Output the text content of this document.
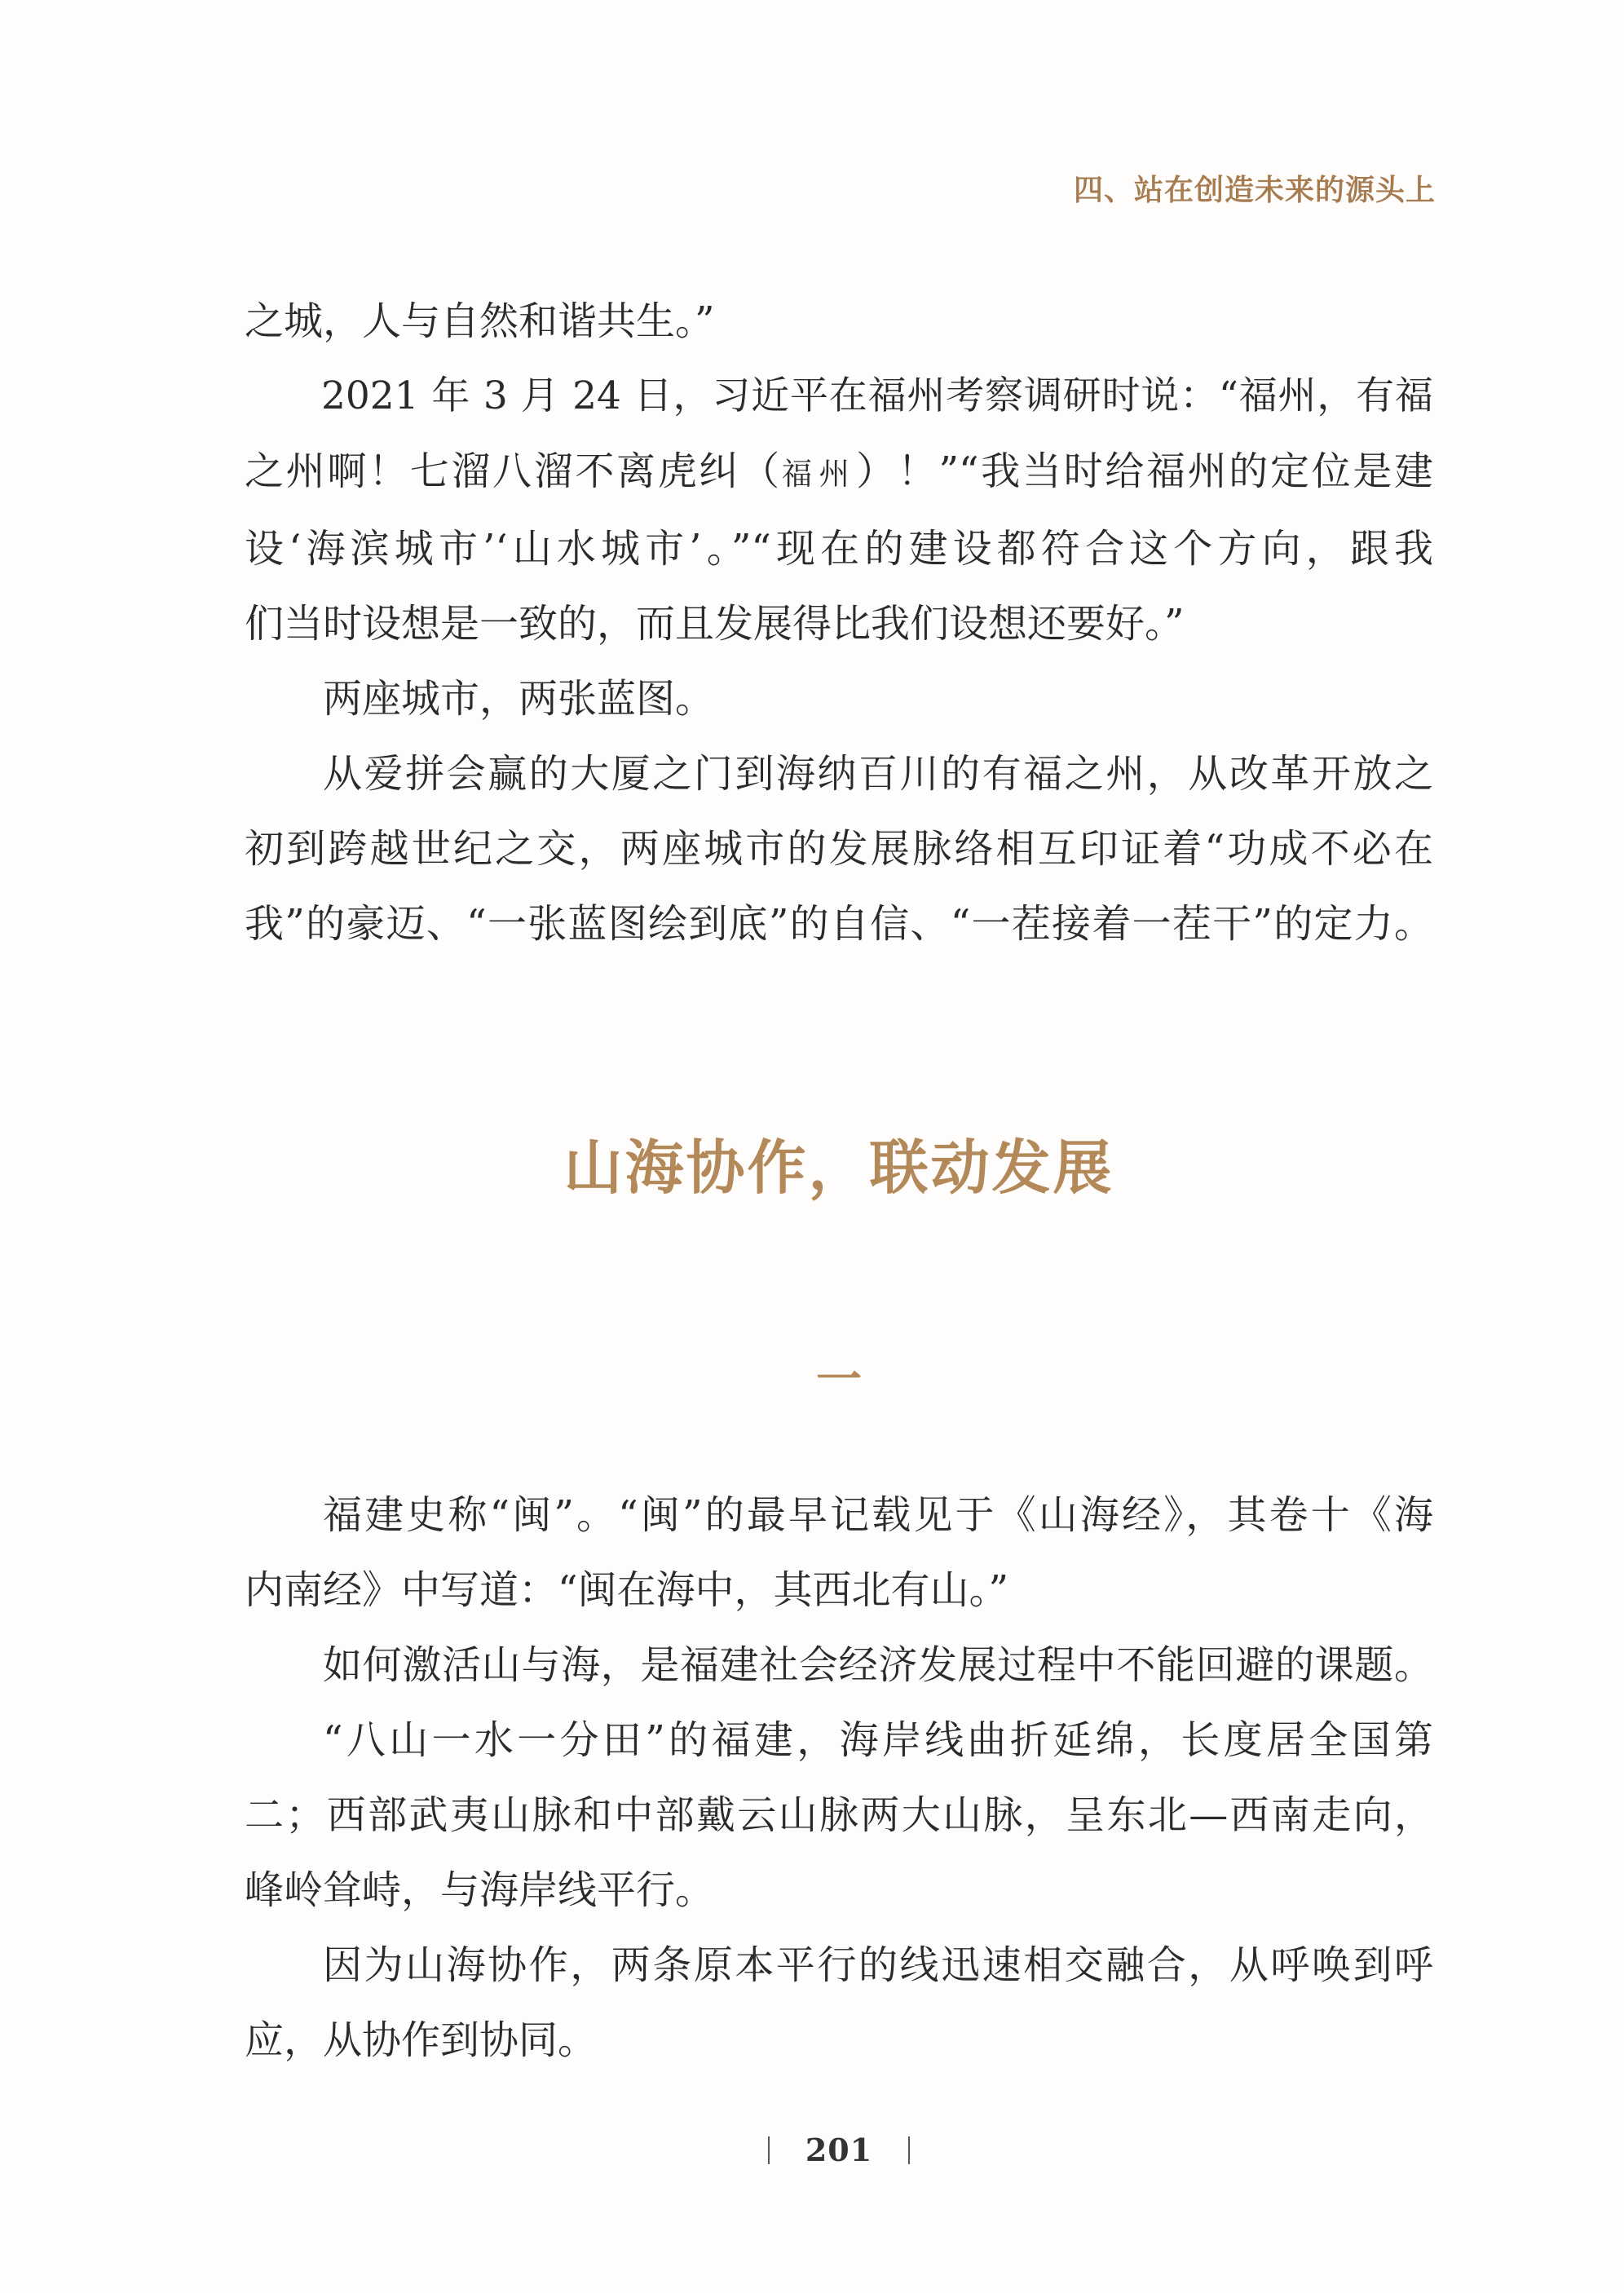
四、站在创造未来的源头上
之城，人与自然和谐共生。”
2021 年 3 月 24 日，习近平在福州考察调研时说：“福州，有福
之州啊！七溜八溜不离虎纠（福州）！”“我当时给福州的定位是建
设‘海滨城市’‘山水城市’。”“现在的建设都符合这个方向，跟我
们当时设想是一致的，而且发展得比我们设想还要好。”
两座城市，两张蓝图。
从爱拼会赢的大厦之门到海纳百川的有福之州，从改革开放之
初到跨越世纪之交，两座城市的发展脉络相互印证着“功成不必在
我”的豪迈、“一张蓝图绘到底”的自信、“一茬接着一茬干”的定力。
山海协作，联动发展
一
福建史称“闽”。“闽”的最早记载见于《山海经》，其卷十《海
内南经》中写道：“闽在海中，其西北有山。”
如何激活山与海，是福建社会经济发展过程中不能回避的课题。
“八山一水一分田”的福建，海岸线曲折延绵，长度居全国第
二；西部武夷山脉和中部戴云山脉两大山脉，呈东北—西南走向，
峰岭耸峙，与海岸线平行。
因为山海协作，两条原本平行的线迅速相交融合，从呼唤到呼
应，从协作到协同。
201
